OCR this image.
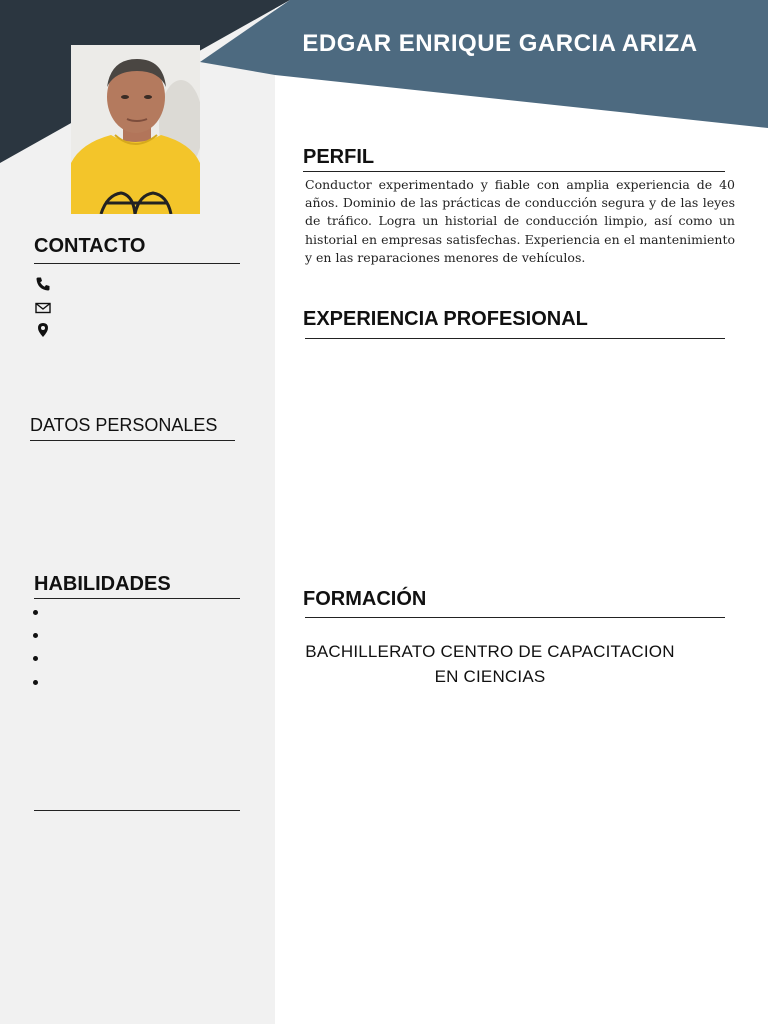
EDGAR ENRIQUE GARCIA ARIZA
CONTACTO
DATOS PERSONALES
HABILIDADES
PERFIL
Conductor experimentado y fiable con amplia experiencia de 40 años. Dominio de las prácticas de conducción segura y de las leyes de tráfico. Logra un historial de conducción limpio, así como un historial en empresas satisfechas. Experiencia en el mantenimiento y en las reparaciones menores de vehículos.
EXPERIENCIA PROFESIONAL
FORMACIÓN
BACHILLERATO CENTRO DE CAPACITACION EN CIENCIAS
